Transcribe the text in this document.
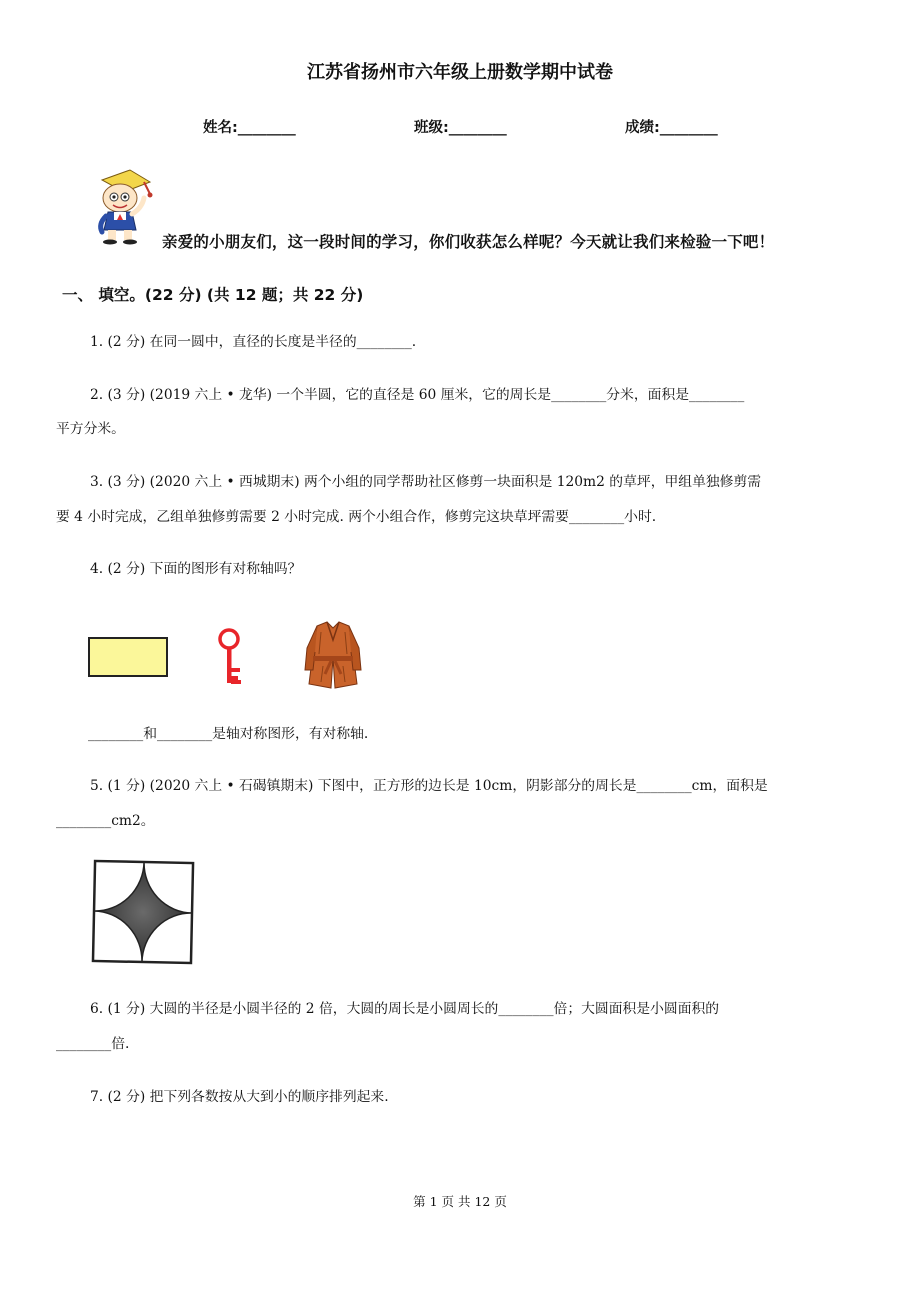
江苏省扬州市六年级上册数学期中试卷
姓名:________	班级:________	成绩:________
亲爱的小朋友们，这一段时间的学习，你们收获怎么样呢？今天就让我们来检验一下吧！
一、 填空。(22 分) (共 12 题；共 22 分)
1. (2 分) 在同一圆中，直径的长度是半径的________.
2. (3 分) (2019 六上 • 龙华) 一个半圆，它的直径是 60 厘米，它的周长是________分米，面积是________
平方分米。
3. (3 分) (2020 六上 • 西城期末) 两个小组的同学帮助社区修剪一块面积是 120m2 的草坪，甲组单独修剪需
要 4 小时完成，乙组单独修剪需要 2 小时完成. 两个小组合作，修剪完这块草坪需要________小时.
4. (2 分) 下面的图形有对称轴吗？
________和________是轴对称图形，有对称轴.
5. (1 分) (2020 六上 • 石碣镇期末) 下图中，正方形的边长是 10cm，阴影部分的周长是________cm，面积是
________cm2。
6. (1 分) 大圆的半径是小圆半径的 2 倍，大圆的周长是小圆周长的________倍；大圆面积是小圆面积的
________倍.
7. (2 分) 把下列各数按从大到小的顺序排列起来.
第 1 页 共 12 页
